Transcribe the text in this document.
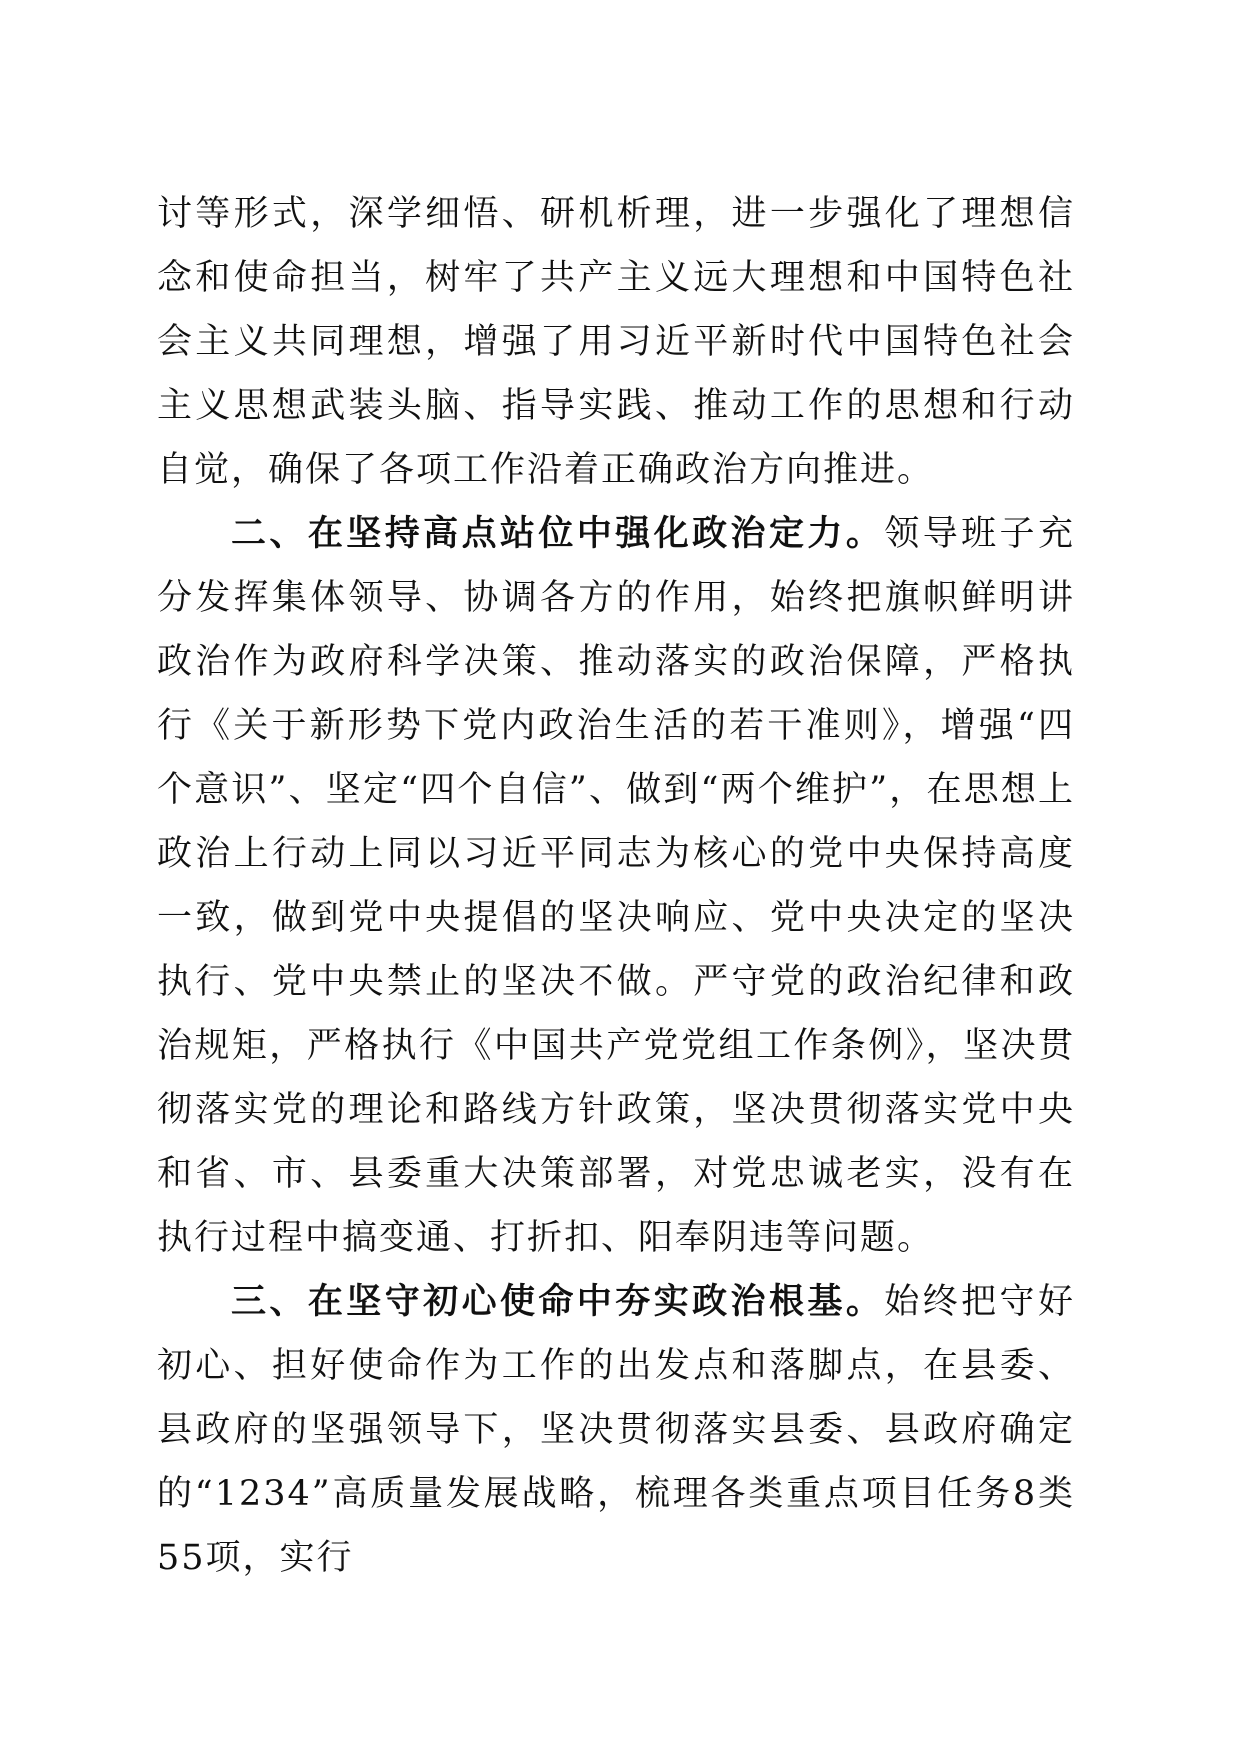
讨等形式，深学细悟、研机析理，进一步强化了理想信念和使命担当，树牢了共产主义远大理想和中国特色社会主义共同理想，增强了用习近平新时代中国特色社会主义思想武装头脑、指导实践、推动工作的思想和行动自觉，确保了各项工作沿着正确政治方向推进。

二、在坚持高点站位中强化政治定力。领导班子充分发挥集体领导、协调各方的作用，始终把旗帜鲜明讲政治作为政府科学决策、推动落实的政治保障，严格执行《关于新形势下党内政治生活的若干准则》，增强“四个意识”、坚定“四个自信”、做到“两个维护”，在思想上政治上行动上同以习近平同志为核心的党中央保持高度一致，做到党中央提倡的坚决响应、党中央决定的坚决执行、党中央禁止的坚决不做。严守党的政治纪律和政治规矩，严格执行《中国共产党党组工作条例》，坚决贯彻落实党的理论和路线方针政策，坚决贯彻落实党中央和省、市、县委重大决策部署，对党忠诚老实，没有在执行过程中搞变通、打折扣、阳奉阴违等问题。

三、在坚守初心使命中夯实政治根基。始终把守好初心、担好使命作为工作的出发点和落脚点，在县委、县政府的坚强领导下，坚决贯彻落实县委、县政府确定的“1234”高质量发展战略，梳理各类重点项目任务8类55项，实行
